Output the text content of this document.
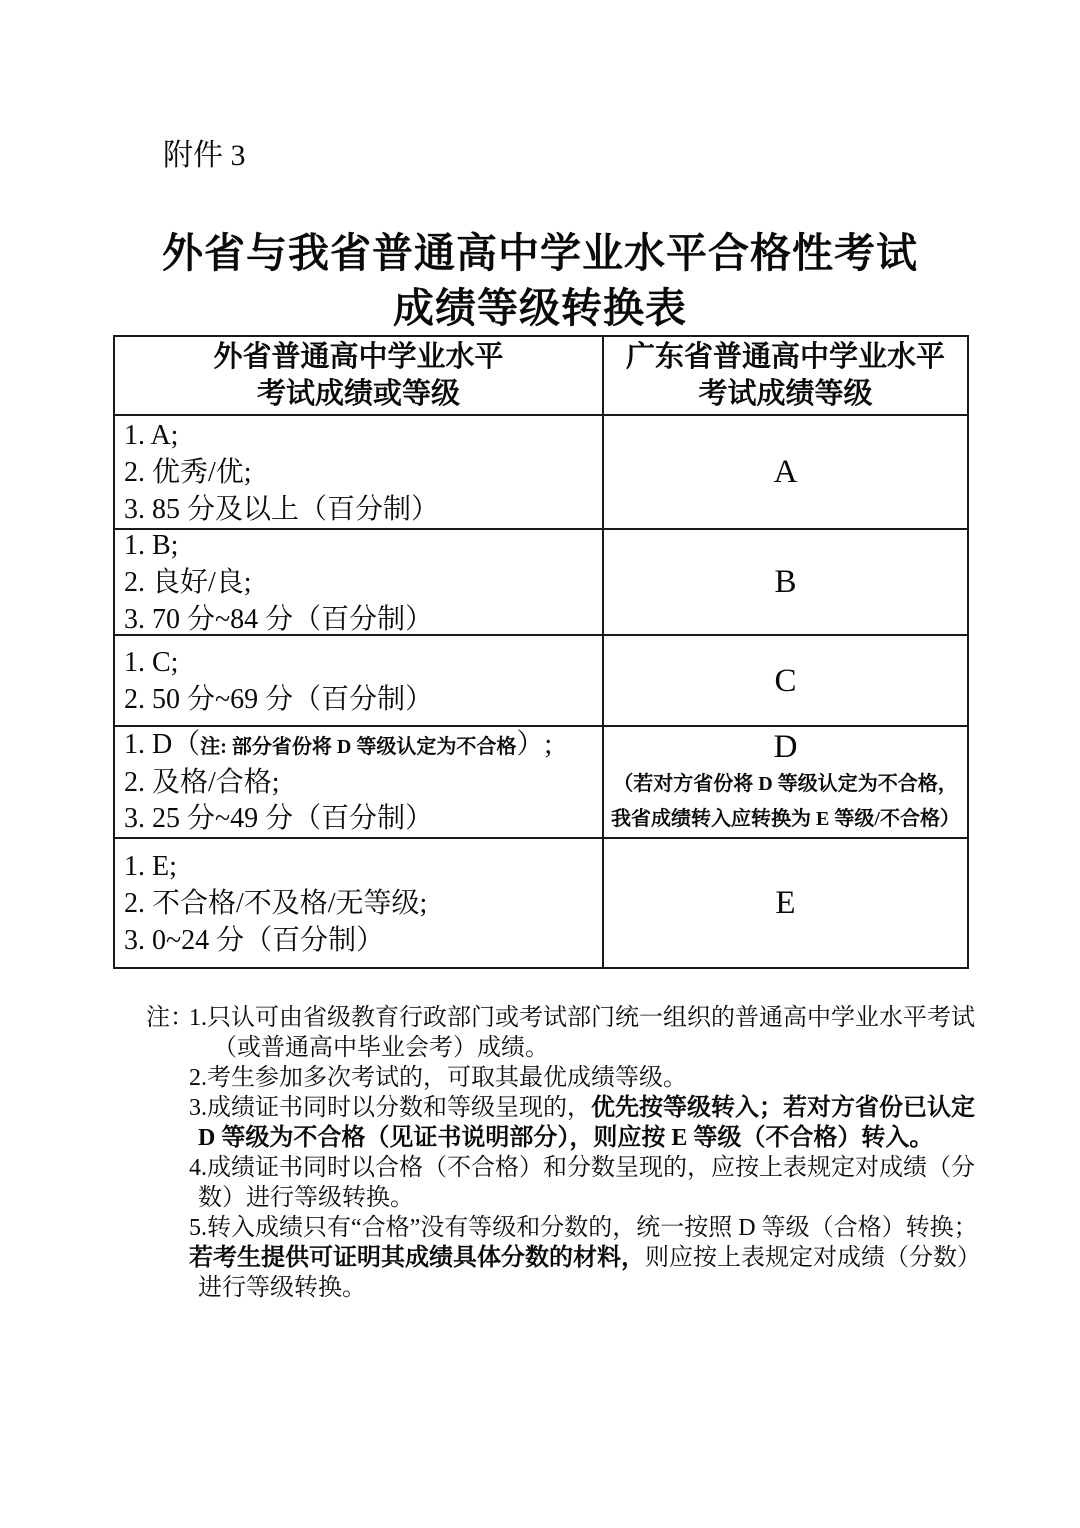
附件 3
外省与我省普通高中学业水平合格性考试
成绩等级转换表
外省普通高中学业水平
考试成绩或等级
广东省普通高中学业水平
考试成绩等级
1. A;
2. 优秀/优;
3. 85 分及以上（百分制）
A
1. B;
2. 良好/良;
3. 70 分~84 分（百分制）
B
1. C;
2. 50 分~69 分（百分制）
C
1. D（注: 部分省份将 D 等级认定为不合格）;
2. 及格/合格;
3. 25 分~49 分（百分制）
D
（若对方省份将 D 等级认定为不合格，
我省成绩转入应转换为 E 等级/不合格）
1. E;
2. 不合格/不及格/无等级;
3. 0~24 分（百分制）
E
注：1.只认可由省级教育行政部门或考试部门统一组织的普通高中学业水平考试
（或普通高中毕业会考）成绩。
2.考生参加多次考试的，可取其最优成绩等级。
3.成绩证书同时以分数和等级呈现的，优先按等级转入；若对方省份已认定
D 等级为不合格（见证书说明部分），则应按 E 等级（不合格）转入。
4.成绩证书同时以合格（不合格）和分数呈现的，应按上表规定对成绩（分
数）进行等级转换。
5.转入成绩只有“合格”没有等级和分数的，统一按照 D 等级（合格）转换；
若考生提供可证明其成绩具体分数的材料，则应按上表规定对成绩（分数）
进行等级转换。
